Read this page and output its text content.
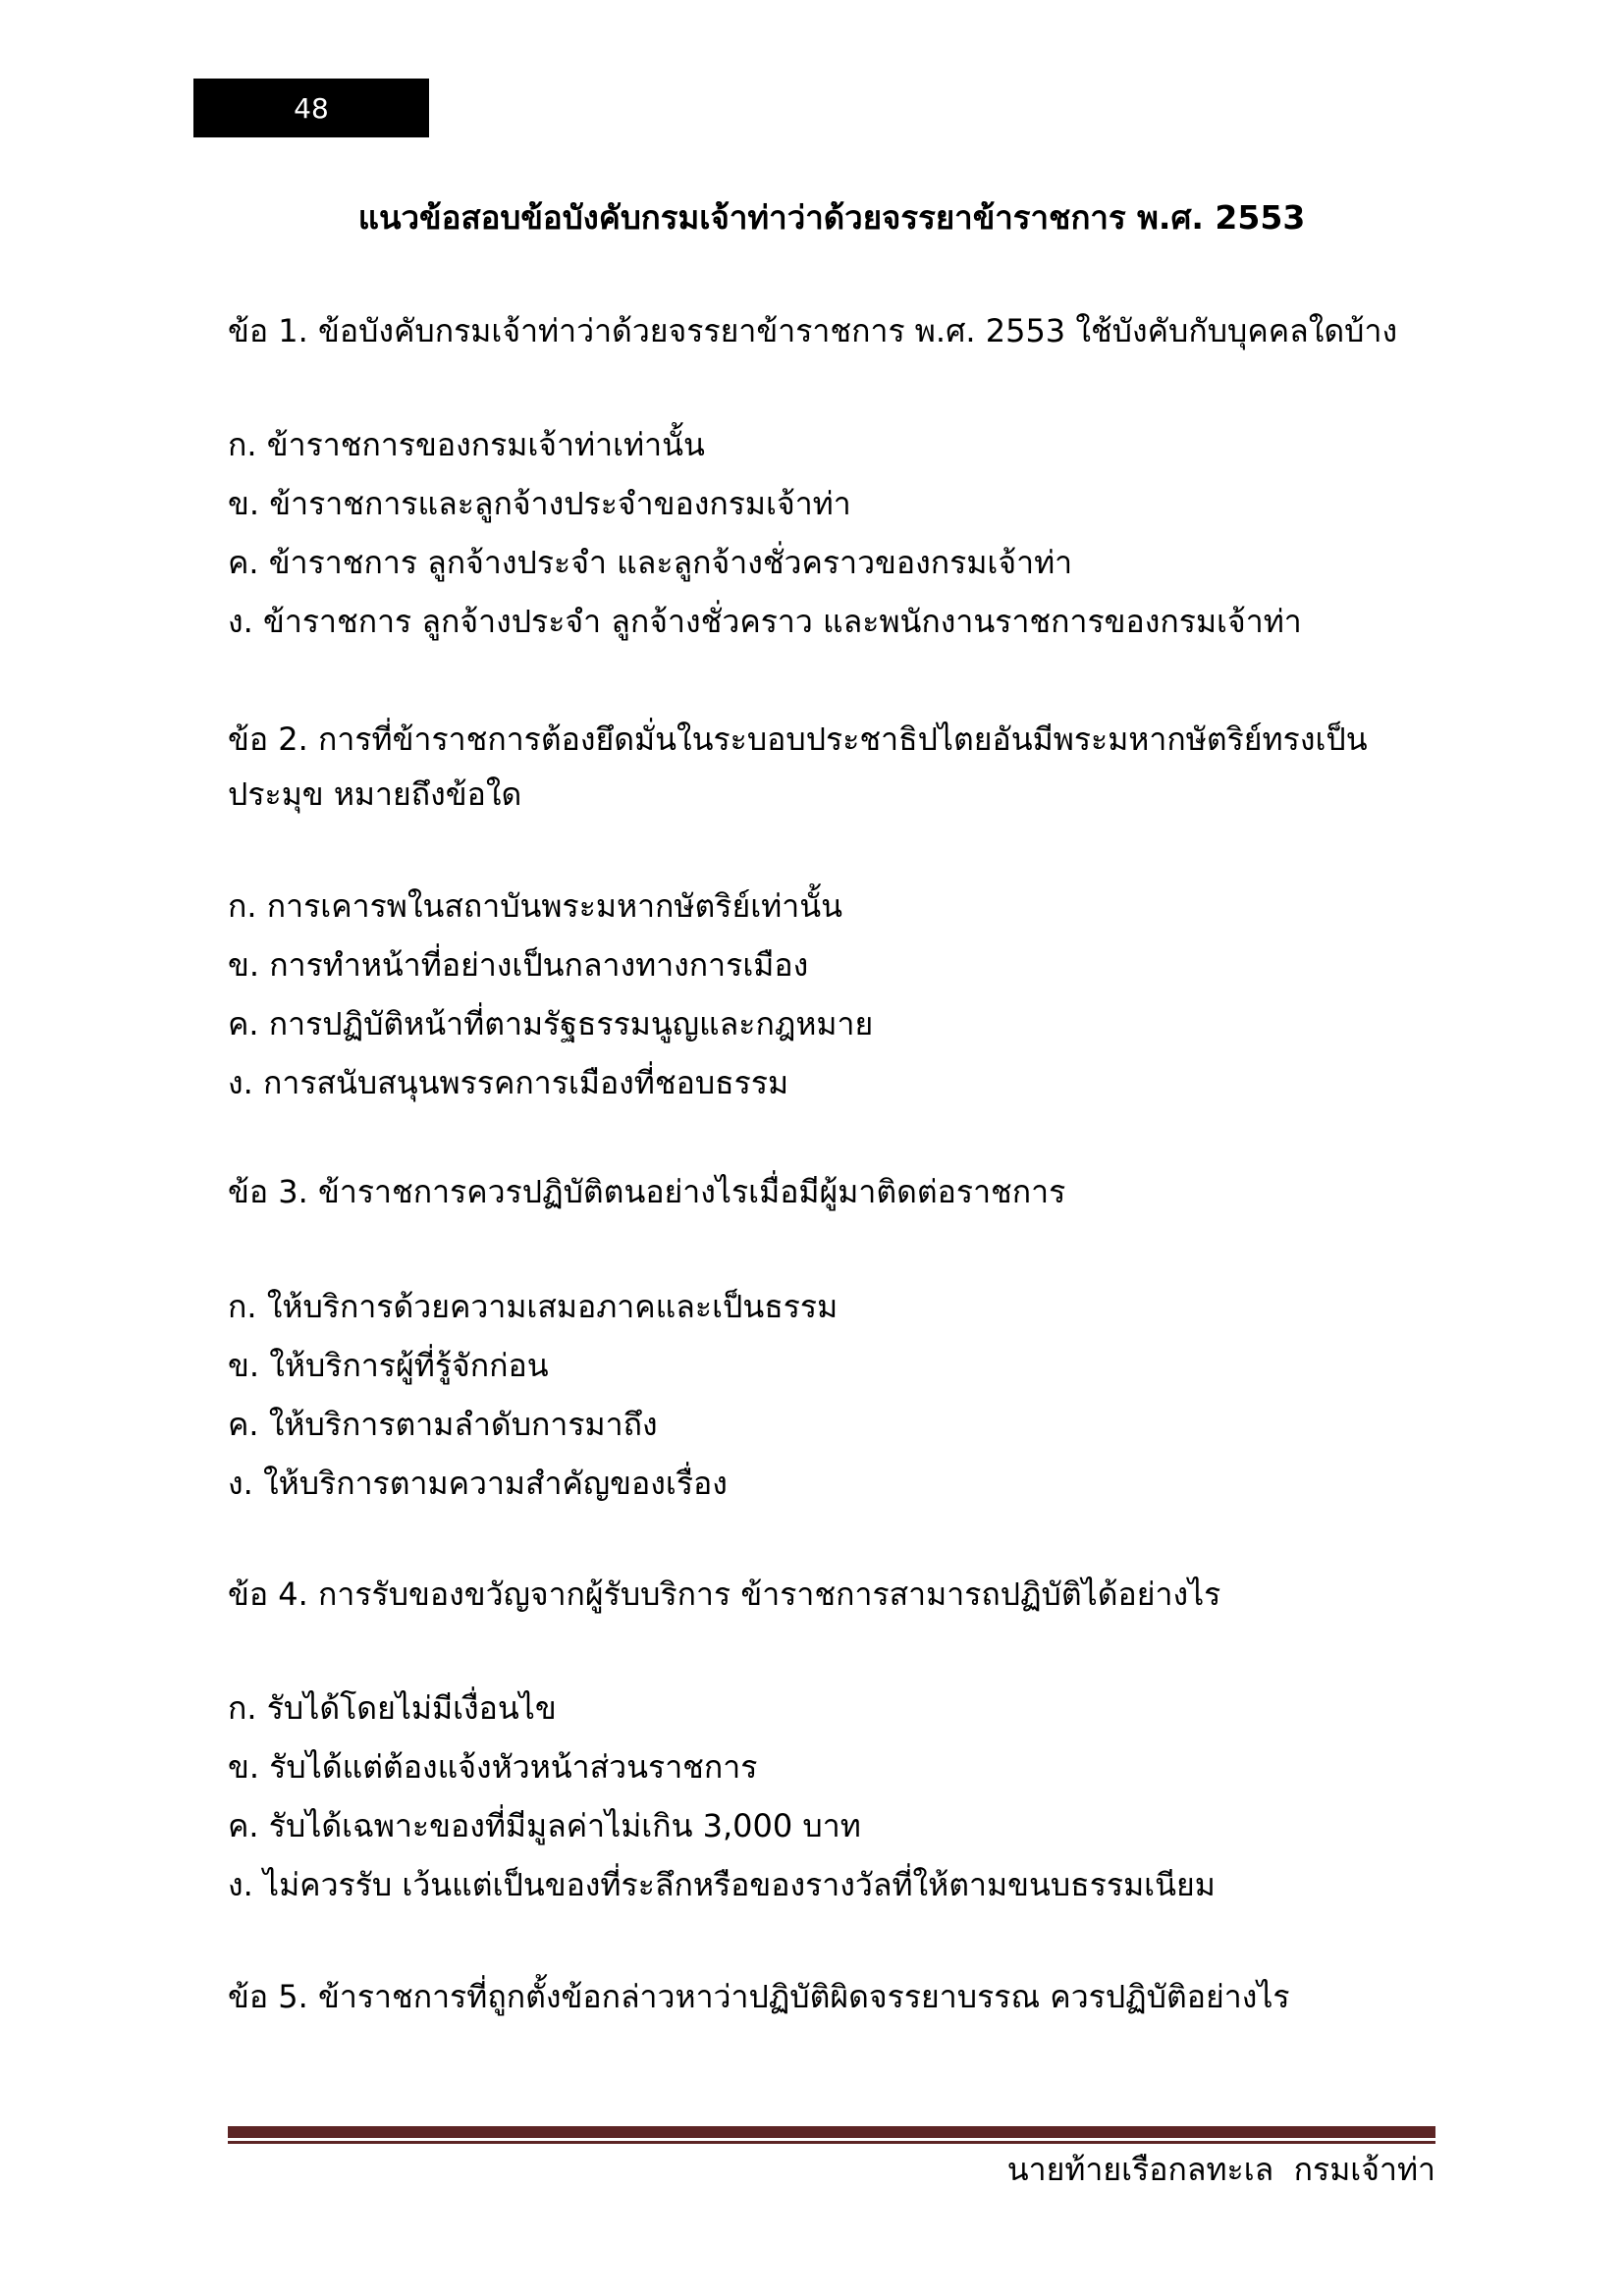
48
แนวข้อสอบข้อบังคับกรมเจ้าท่าว่าด้วยจรรยาข้าราชการ พ.ศ. 2553
ข้อ 1. ข้อบังคับกรมเจ้าท่าว่าด้วยจรรยาข้าราชการ พ.ศ. 2553 ใช้บังคับกับบุคคลใดบ้าง
ก. ข้าราชการของกรมเจ้าท่าเท่านั้น
ข. ข้าราชการและลูกจ้างประจำของกรมเจ้าท่า
ค. ข้าราชการ ลูกจ้างประจำ และลูกจ้างชั่วคราวของกรมเจ้าท่า
ง. ข้าราชการ ลูกจ้างประจำ ลูกจ้างชั่วคราว และพนักงานราชการของกรมเจ้าท่า
ข้อ 2. การที่ข้าราชการต้องยึดมั่นในระบอบประชาธิปไตยอันมีพระมหากษัตริย์ทรงเป็นประมุข หมายถึงข้อใด
ก. การเคารพในสถาบันพระมหากษัตริย์เท่านั้น
ข. การทำหน้าที่อย่างเป็นกลางทางการเมือง
ค. การปฏิบัติหน้าที่ตามรัฐธรรมนูญและกฎหมาย
ง. การสนับสนุนพรรคการเมืองที่ชอบธรรม
ข้อ 3. ข้าราชการควรปฏิบัติตนอย่างไรเมื่อมีผู้มาติดต่อราชการ
ก. ให้บริการด้วยความเสมอภาคและเป็นธรรม
ข. ให้บริการผู้ที่รู้จักก่อน
ค. ให้บริการตามลำดับการมาถึง
ง. ให้บริการตามความสำคัญของเรื่อง
ข้อ 4. การรับของขวัญจากผู้รับบริการ ข้าราชการสามารถปฏิบัติได้อย่างไร
ก. รับได้โดยไม่มีเงื่อนไข
ข. รับได้แต่ต้องแจ้งหัวหน้าส่วนราชการ
ค. รับได้เฉพาะของที่มีมูลค่าไม่เกิน 3,000 บาท
ง. ไม่ควรรับ เว้นแต่เป็นของที่ระลึกหรือของรางวัลที่ให้ตามขนบธรรมเนียม
ข้อ 5. ข้าราชการที่ถูกตั้งข้อกล่าวหาว่าปฏิบัติผิดจรรยาบรรณ ควรปฏิบัติอย่างไร
นายท้ายเรือกลทะเล  กรมเจ้าท่า
